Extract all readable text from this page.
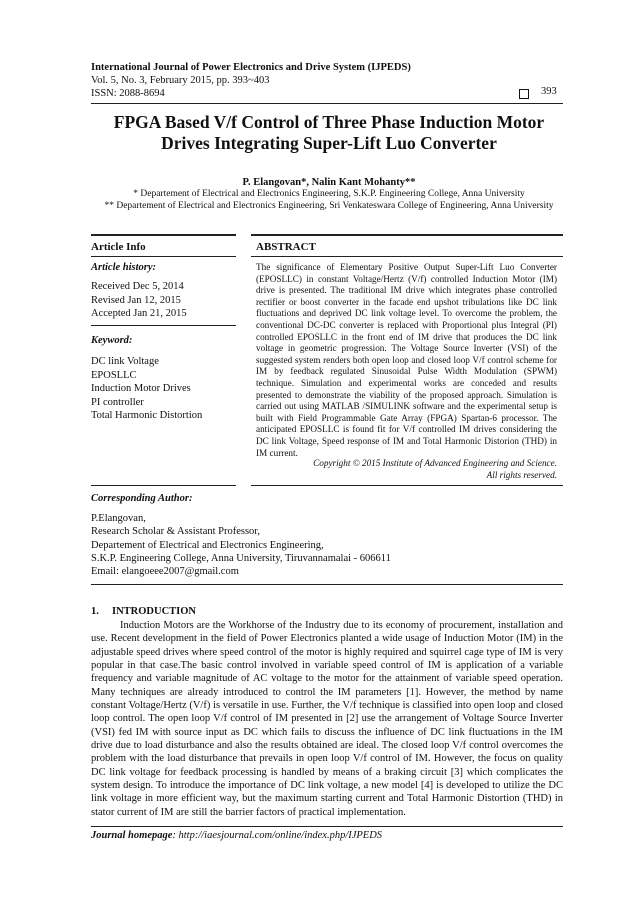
International Journal of Power Electronics and Drive System (IJPEDS)
Vol. 5, No. 3, February 2015, pp. 393~403
ISSN: 2088-8694	393
FPGA Based V/f Control of Three Phase Induction Motor
Drives Integrating Super-Lift Luo Converter
P. Elangovan*, Nalin Kant Mohanty**
* Departement of Electrical and Electronics Engineering, S.K.P. Engineering College, Anna University
** Departement of Electrical and Electronics Engineering, Sri Venkateswara College of Engineering, Anna University
Article Info	ABSTRACT
Article history:
Received Dec 5, 2014
Revised Jan 12, 2015
Accepted Jan 21, 2015
Keyword:
DC link Voltage
EPOSLLC
Induction Motor Drives
PI controller
Total Harmonic Distortion
The significance of Elementary Positive Output Super-Lift Luo Converter (EPOSLLC) in constant Voltage/Hertz (V/f) controlled Induction Motor (IM) drive is presented. The traditional IM drive which integrates phase controlled rectifier or boost converter in the facade end upshot tribulations like DC link fluctuations and deprived DC link voltage level. To overcome the problem, the conventional DC-DC converter is replaced with Proportional plus Integral (PI) controlled EPOSLLC in the front end of IM drive that produces the DC link voltage in geometric progression. The Voltage Source Inverter (VSI) of the suggested system renders both open loop and closed loop V/f control scheme for IM by feedback regulated Sinusoidal Pulse Width Modulation (SPWM) technique. Simulation and experimental works are conceded and results presented to demonstrate the viability of the proposed approach. Simulation is carried out using MATLAB /SIMULINK software and the experimental setup is built with Field Programmable Gate Array (FPGA) Spartan-6 processor. The anticipated EPOSLLC is found fit for V/f controlled IM drives considering the DC link Voltage, Speed response of IM and Total Harmonic Distorion (THD) in IM current.
Copyright © 2015 Institute of Advanced Engineering and Science.
All rights reserved.
Corresponding Author:
P.Elangovan,
Research Scholar & Assistant Professor,
Departement of Electrical and Electronics Engineering,
S.K.P. Engineering College, Anna University, Tiruvannamalai - 606611
Email: elangoeee2007@gmail.com
1.     INTRODUCTION
Induction Motors are the Workhorse of the Industry due to its economy of procurement, installation and use. Recent development in the field of Power Electronics planted a wide usage of Induction Motor (IM) in the adjustable speed drives where speed control of the motor is highly required and squirrel cage type of IM is very popular in that case.The basic control involved in variable speed control of IM is application of a variable frequency and variable magnitude of AC voltage to the motor for the attainment of variable speed operation. Many techniques are already introduced to control the IM parameters [1]. However, the method by name constant Voltage/Hertz (V/f) is versatile in use. Further, the V/f technique is classified into open loop and closed loop control. The open loop V/f control of IM presented in [2] use the arrangement of Voltage Source Inverter (VSI) fed IM with source input as DC which fails to discuss the influence of DC link fluctuations in the IM drive due to load disturbance and also the results obtained are ideal. The closed loop V/f control overcomes the problem with the load disturbance that prevails in open loop V/f control of IM. However, the focus on quality DC link voltage for feedback processing is handled by means of a braking circuit [3] which complicates the system design. To introduce the importance of DC link voltage, a new model [4] is developed to utilize the DC link voltage in more efficient way, but the maximum starting current and Total Harmonic Distortion (THD) in stator current of IM are still the barrier factors of practical implementation.
Journal homepage: http://iaesjournal.com/online/index.php/IJPEDS
